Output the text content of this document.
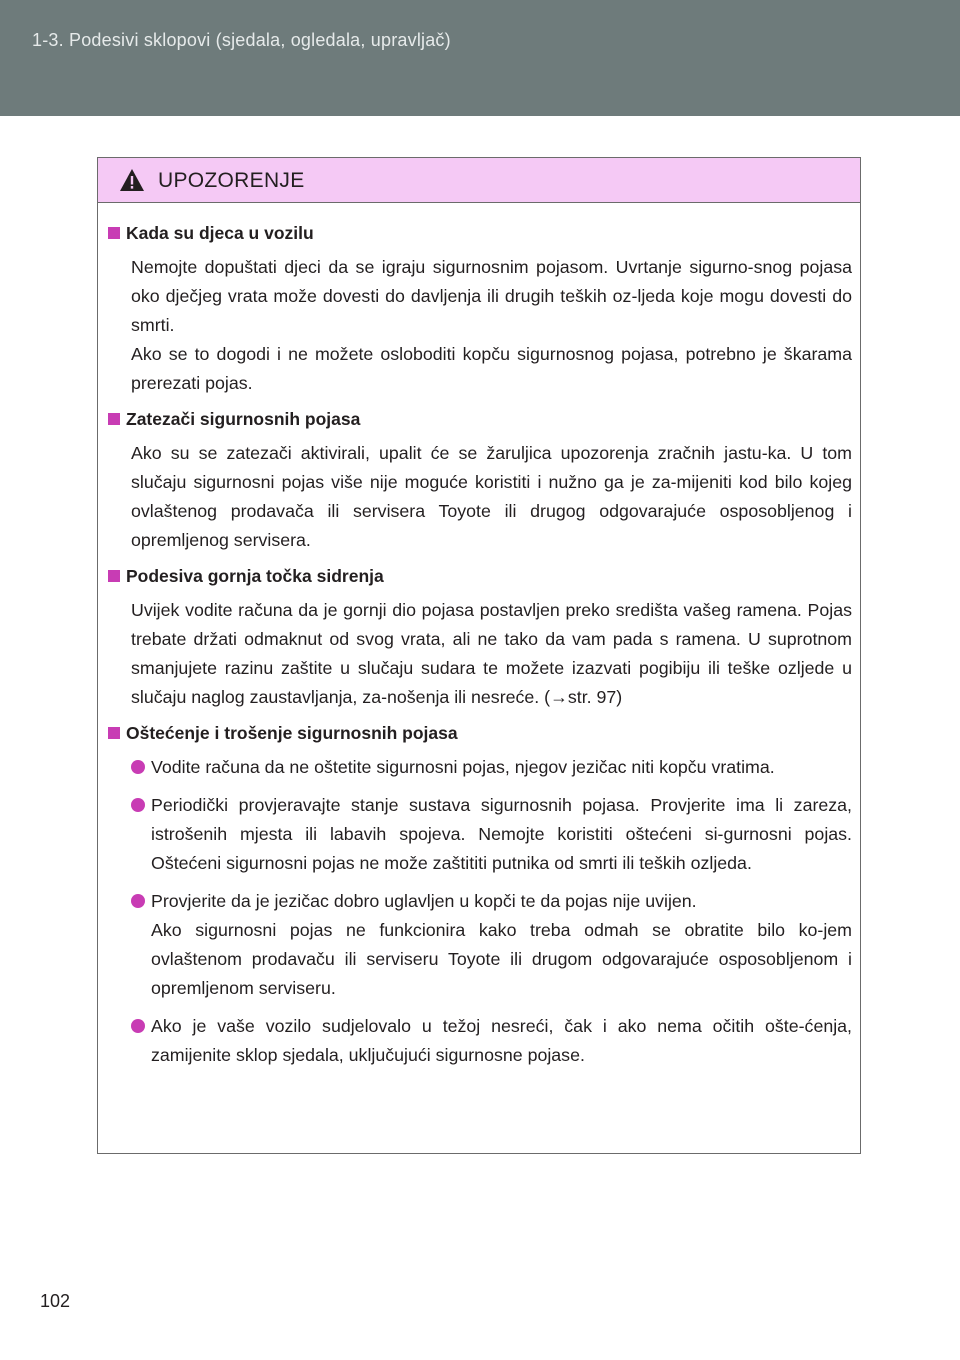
1-3. Podesivi sklopovi (sjedala, ogledala, upravljač)
UPOZORENJE
Kada su djeca u vozilu
Nemojte dopuštati djeci da se igraju sigurnosnim pojasom. Uvrtanje sigurno-snog pojasa oko dječjeg vrata može dovesti do davljenja ili drugih teških oz-ljeda koje mogu dovesti do smrti.
Ako se to dogodi i ne možete osloboditi kopču sigurnosnog pojasa, potrebno je škarama prerezati pojas.
Zatezači sigurnosnih pojasa
Ako su se zatezači aktivirali, upalit će se žaruljica upozorenja zračnih jastu-ka. U tom slučaju sigurnosni pojas više nije moguće koristiti i nužno ga je za-mijeniti kod bilo kojeg ovlaštenog prodavača ili servisera Toyote ili drugog odgovarajuće osposobljenog i opremljenog servisera.
Podesiva gornja točka sidrenja
Uvijek vodite računa da je gornji dio pojasa postavljen preko središta vašeg ramena. Pojas trebate držati odmaknut od svog vrata, ali ne tako da vam pada s ramena. U suprotnom smanjujete razinu zaštite u slučaju sudara te možete izazvati pogibiju ili teške ozljede u slučaju naglog zaustavljanja, za-nošenja ili nesreće. (→str. 97)
Oštećenje i trošenje sigurnosnih pojasa
Vodite računa da ne oštetite sigurnosni pojas, njegov jezičac niti kopču vratima.
Periodički provjeravajte stanje sustava sigurnosnih pojasa. Provjerite ima li zareza, istrošenih mjesta ili labavih spojeva. Nemojte koristiti oštećeni si-gurnosni pojas. Oštećeni sigurnosni pojas ne može zaštititi putnika od smrti ili teških ozljeda.
Provjerite da je jezičac dobro uglavljen u kopči te da pojas nije uvijen.
Ako sigurnosni pojas ne funkcionira kako treba odmah se obratite bilo ko-jem ovlaštenom prodavaču ili serviseru Toyote ili drugom odgovarajuće osposobljenom i opremljenom serviseru.
Ako je vaše vozilo sudjelovalo u težoj nesreći, čak i ako nema očitih ošte-ćenja, zamijenite sklop sjedala, uključujući sigurnosne pojase.
102
